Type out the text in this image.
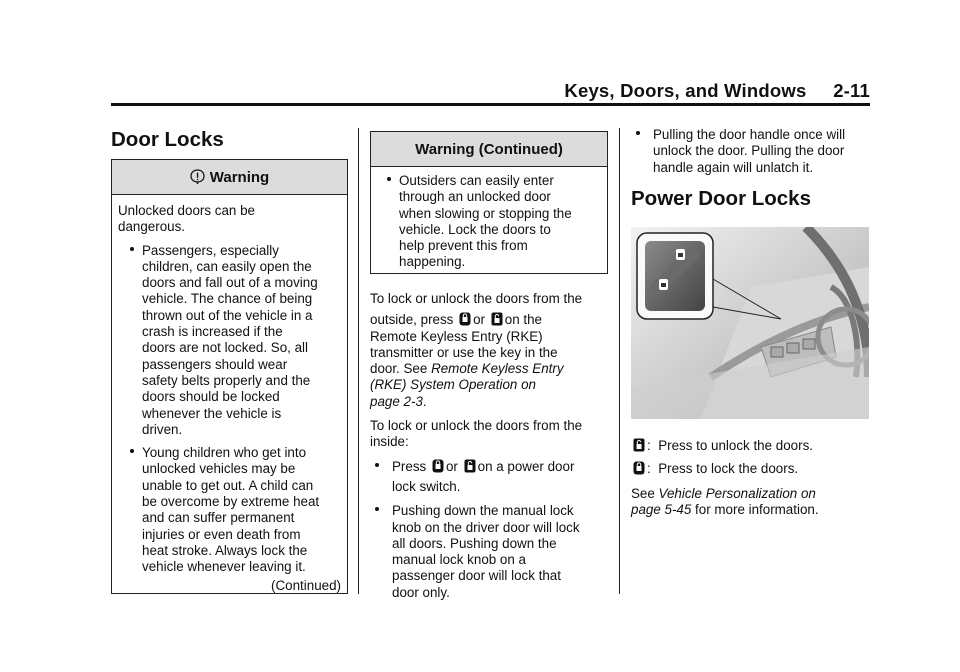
Keys, Doors, and Windows 2-11
Door Locks
Warning
Unlocked doors can be
dangerous.
Passengers, especially
children, can easily open the
doors and fall out of a moving
vehicle. The chance of being
thrown out of the vehicle in a
crash is increased if the
doors are not locked. So, all
passengers should wear
safety belts properly and the
doors should be locked
whenever the vehicle is
driven.
Young children who get into
unlocked vehicles may be
unable to get out. A child can
be overcome by extreme heat
and can suffer permanent
injuries or even death from
heat stroke. Always lock the
vehicle whenever leaving it.
(Continued)
Warning (Continued)
Outsiders can easily enter
through an unlocked door
when slowing or stopping the
vehicle. Lock the doors to
help prevent this from
happening.
To lock or unlock the doors from the
outside, press or on the
Remote Keyless Entry (RKE)
transmitter or use the key in the
door. See Remote Keyless Entry
(RKE) System Operation on
page 2-3.
To lock or unlock the doors from the
inside:
Press or on a power door
lock switch.
Pushing down the manual lock
knob on the driver door will lock
all doors. Pushing down the
manual lock knob on a
passenger door will lock that
door only.
Pulling the door handle once will
unlock the door. Pulling the door
handle again will unlatch it.
Power Door Locks
: Press to unlock the doors.
: Press to lock the doors.
See Vehicle Personalization on
page 5-45 for more information.
